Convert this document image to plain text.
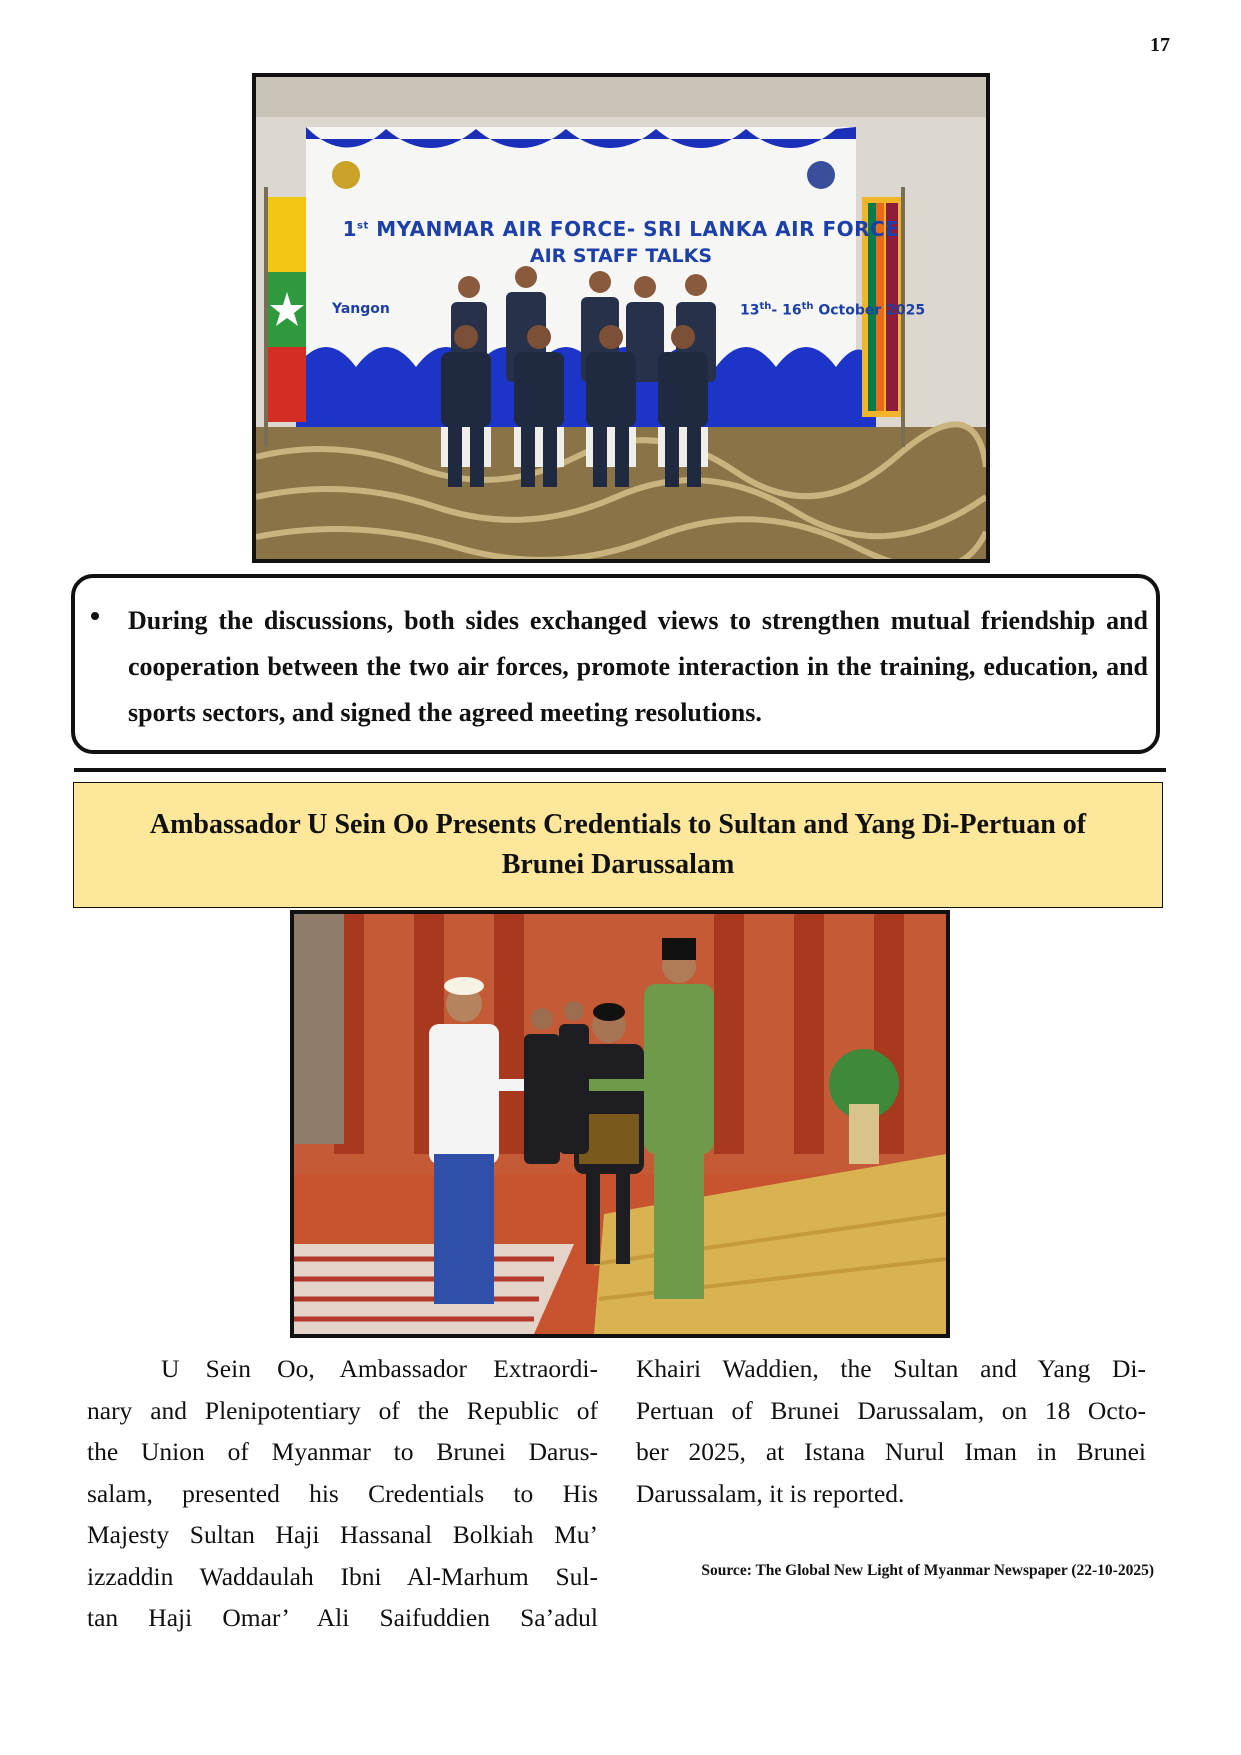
17
1st MYANMAR AIR FORCE- SRI LANKA AIR FORCE
AIR STAFF TALKS
Yangon	13th- 16th October 2025
During the discussions, both sides exchanged views to strengthen mutual friendship and cooperation between the two air forces, promote interaction in the training, education, and sports sectors, and signed the agreed meeting resolutions.
Ambassador U Sein Oo Presents Credentials to Sultan and Yang Di-Pertuan of
Brunei Darussalam
U Sein Oo, Ambassador Extraordi-
nary and Plenipotentiary of the Republic of
the Union of Myanmar to Brunei Darus-
salam, presented his Credentials to His
Majesty Sultan Haji Hassanal Bolkiah Mu’
izzaddin Waddaulah Ibni Al-Marhum Sul-
tan Haji Omar’ Ali Saifuddien Sa’adul
Khairi Waddien, the Sultan and Yang Di-
Pertuan of Brunei Darussalam, on 18 Octo-
ber 2025, at Istana Nurul Iman in Brunei
Darussalam, it is reported.
Source: The Global New Light of Myanmar Newspaper (22-10-2025)
